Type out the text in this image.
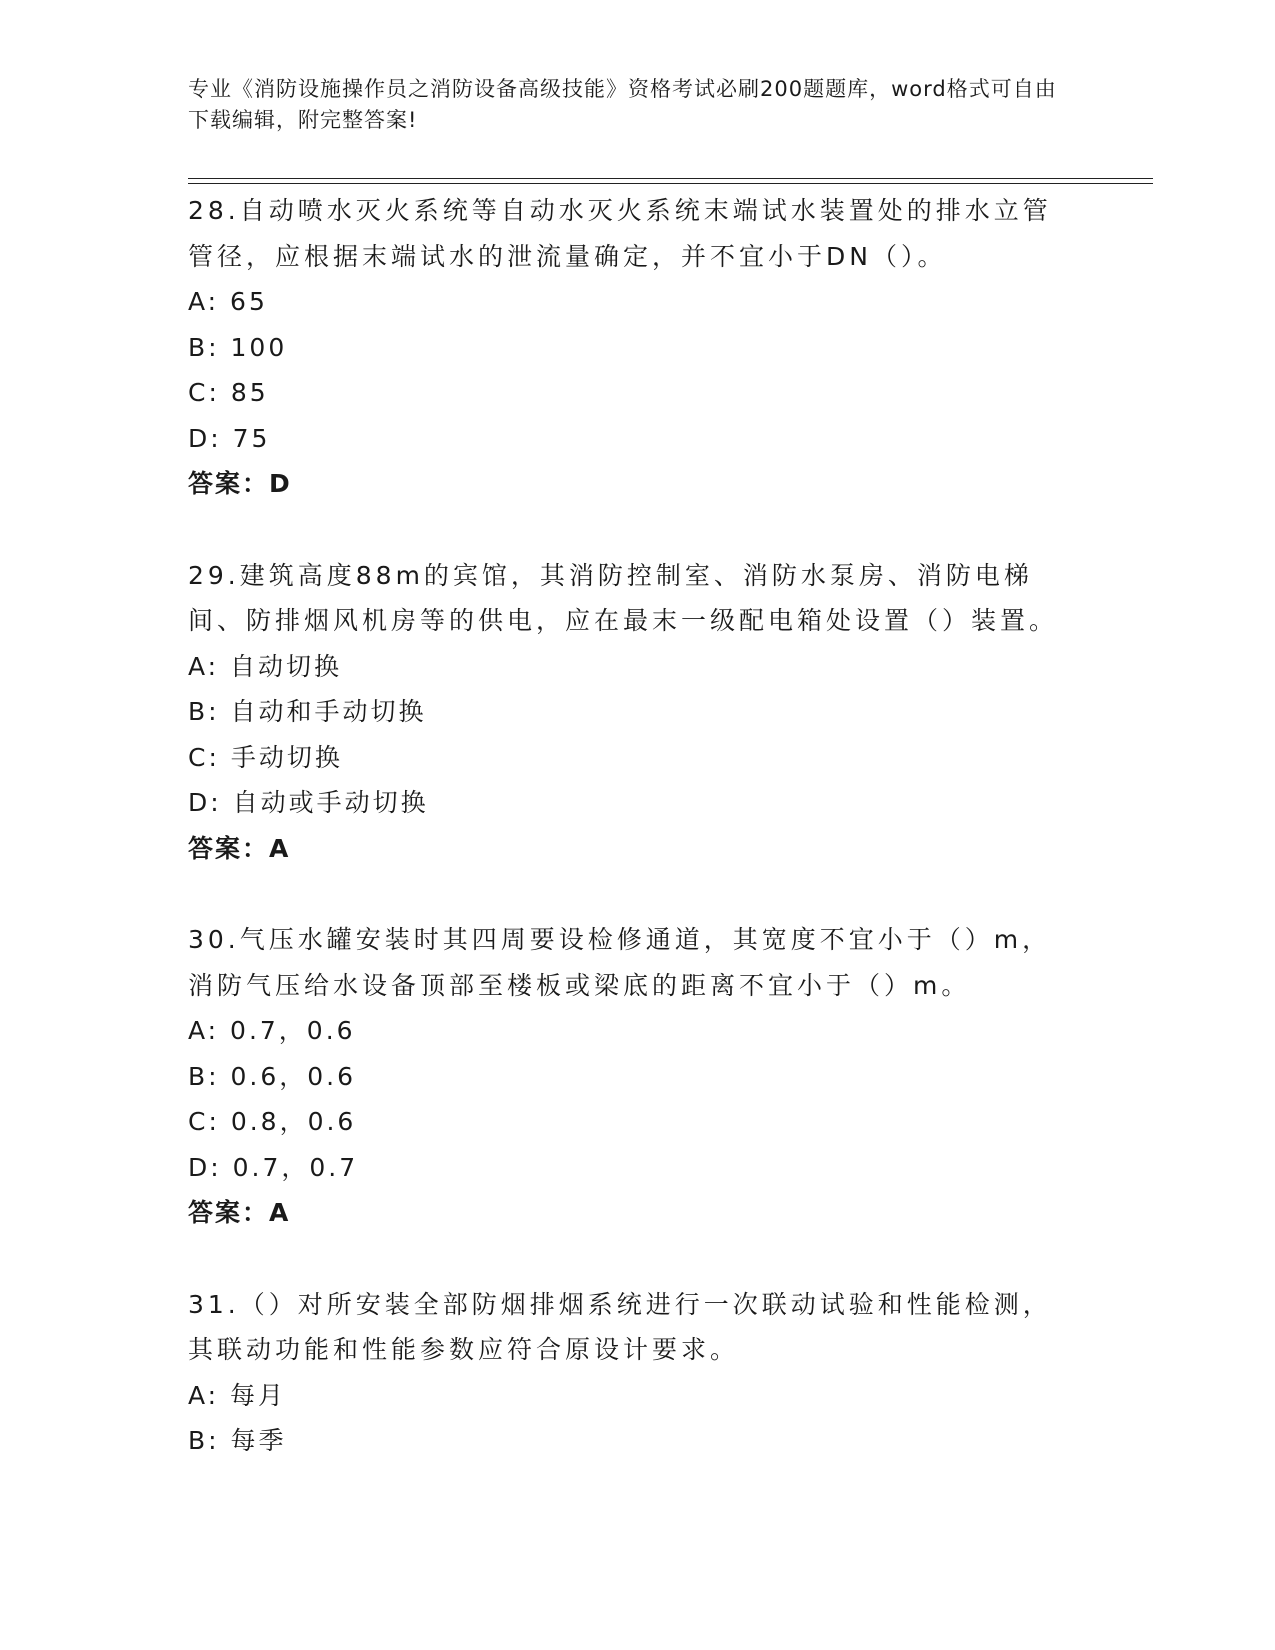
专业《消防设施操作员之消防设备高级技能》资格考试必刷200题题库，word格式可自由下载编辑，附完整答案!

28.自动喷水灭火系统等自动水灭火系统末端试水装置处的排水立管管径，应根据末端试水的泄流量确定，并不宜小于DN（）。

A: 65

B: 100

C: 85

D: 75

答案：D

29.建筑高度88m的宾馆，其消防控制室、消防水泵房、消防电梯间、防排烟风机房等的供电，应在最末一级配电箱处设置（）装置。

A: 自动切换

B: 自动和手动切换

C: 手动切换

D: 自动或手动切换

答案：A

30.气压水罐安装时其四周要设检修通道，其宽度不宜小于（）m，消防气压给水设备顶部至楼板或梁底的距离不宜小于（）m。

A: 0.7，0.6

B: 0.6，0.6

C: 0.8，0.6

D: 0.7，0.7

答案：A

31.（）对所安装全部防烟排烟系统进行一次联动试验和性能检测，其联动功能和性能参数应符合原设计要求。

A: 每月

B: 每季
